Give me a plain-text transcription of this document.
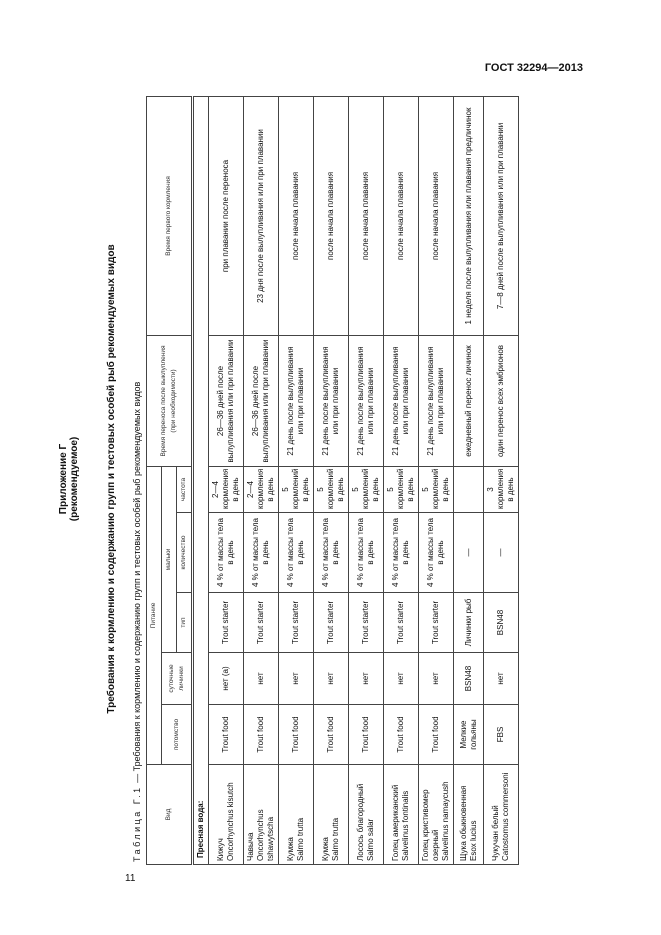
ГОСТ 32294—2013
Приложение Г (рекомендуемое)	Требования к кормлению и содержанию групп и тестовых особей рыб рекомендуемых видов
Таблица Г.1 — Требования к кормлению и содержанию групп и тестовых особей рыб рекомендуемых видов
Вид	Питание					Время переноса после выклупления (при необходимости)	Время первого кормления
	потомство	суточные личинки	мальки				
			тип	количество	частота		
Пресная вода:							

Кижуч Oncorhynchus kisutch	Trout food	нет (a)	Trout starter	4 % от массы тела в день	2—4 кормления в день	26—36 дней после вылупливания или при плавании	при плавании после переноса

Чавыча Oncorhynchus tshawytscha	Trout food	нет	Trout starter	4 % от массы тела в день	2—4 кормления в день	26—36 дней после вылупливания или при плавании	23 дня после вылупливания или при плавании

Кумжа Salmo trutta	Trout food	нет	Trout starter	4 % от массы тела в день	5 кормлений в день	21 день после вылупливания или при плавании	после начала плавания

Кумжа Salmo trutta	Trout food	нет	Trout starter	4 % от массы тела в день	5 кормлений в день	21 день после вылупливания или при плавании	после начала плавания

Лосось благородный Salmo salar	Trout food	нет	Trout starter	4 % от массы тела в день	5 кормлений в день	21 день после вылупливания или при плавании	после начала плавания

Голец американский Salvelinus fontinalis	Trout food	нет	Trout starter	4 % от массы тела в день	5 кормлений в день	21 день после вылупливания или при плавании	после начала плавания

Голец кристивомер озерный Salvelinus namaycush	Trout food	нет	Trout starter	4 % от массы тела в день	5 кормлений в день	21 день после вылупливания или при плавании	после начала плавания

Щука обыкновенная Esox lucius	Мелкие гольяны	BSN48	Личинки рыб	—		ежедневный перенос личинок	1 неделя после вылупливания или плавания предличинок

Чукучан белый Catostomus commersoni	FBS	нет	BSN48	—	3 кормления в день	один перенос всех эмбрионов	7—8 дней после вылупливания или при плавании
11
